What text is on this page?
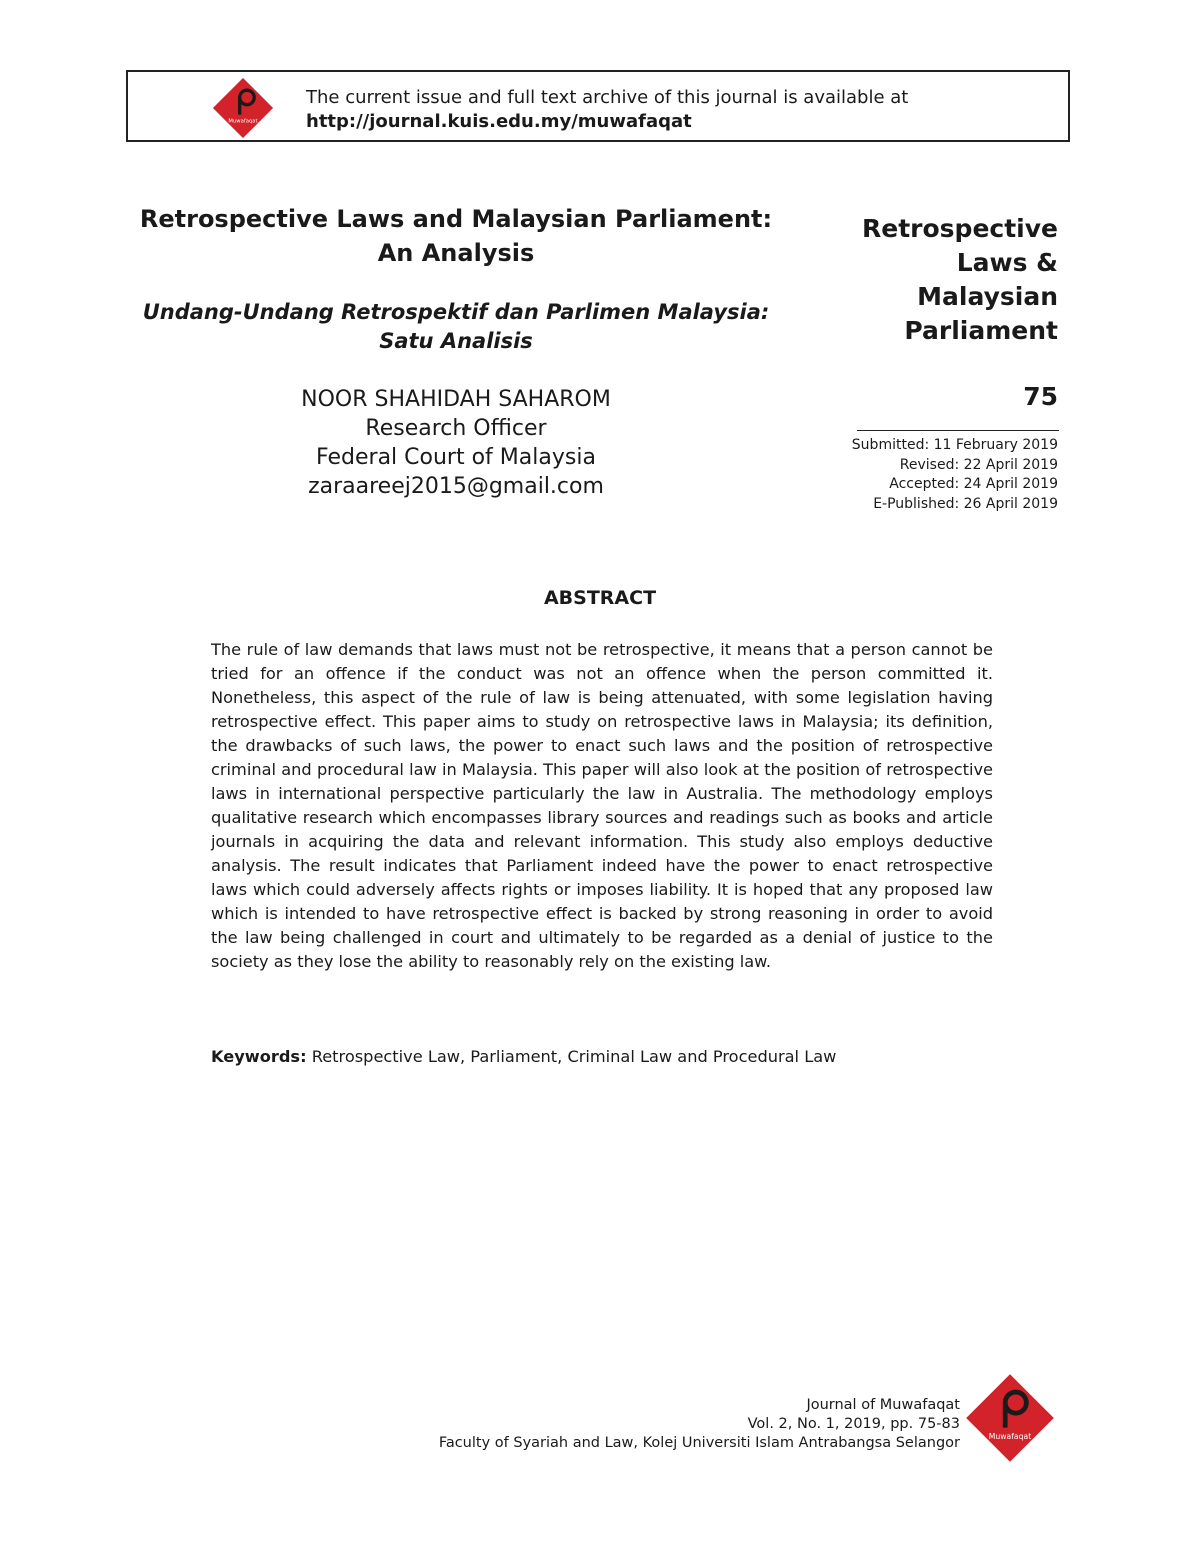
Muwafaqat
The current issue and full text archive of this journal is available at
http://journal.kuis.edu.my/muwafaqat
Retrospective Laws and Malaysian Parliament:
An Analysis
Undang-Undang Retrospektif dan Parlimen Malaysia:
Satu Analisis
NOOR SHAHIDAH SAHAROM
Research Officer
Federal Court of Malaysia
zaraareej2015@gmail.com
Retrospective
Laws &
Malaysian
Parliament
75
Submitted: 11 February 2019
Revised: 22 April 2019
Accepted: 24 April 2019
E-Published: 26 April 2019
ABSTRACT

The rule of law demands that laws must not be retrospective, it means that a person cannot be tried for an offence if the conduct was not an offence when the person committed it. Nonetheless, this aspect of the rule of law is being attenuated, with some legislation having retrospective effect. This paper aims to study on retrospective laws in Malaysia; its definition, the drawbacks of such laws, the power to enact such laws and the position of retrospective criminal and procedural law in Malaysia. This paper will also look at the position of retrospective laws in international perspective particularly the law in Australia. The methodology employs qualitative research which encompasses library sources and readings such as books and article journals in acquiring the data and relevant information. This study also employs deductive analysis. The result indicates that Parliament indeed have the power to enact retrospective laws which could adversely affects rights or imposes liability. It is hoped that any proposed law which is intended to have retrospective effect is backed by strong reasoning in order to avoid the law being challenged in court and ultimately to be regarded as a denial of justice to the society as they lose the ability to reasonably rely on the existing law.

Keywords: Retrospective Law, Parliament, Criminal Law and Procedural Law
Journal of Muwafaqat
Vol. 2, No. 1, 2019, pp. 75-83
Faculty of Syariah and Law, Kolej Universiti Islam Antrabangsa Selangor	Muwafaqat
